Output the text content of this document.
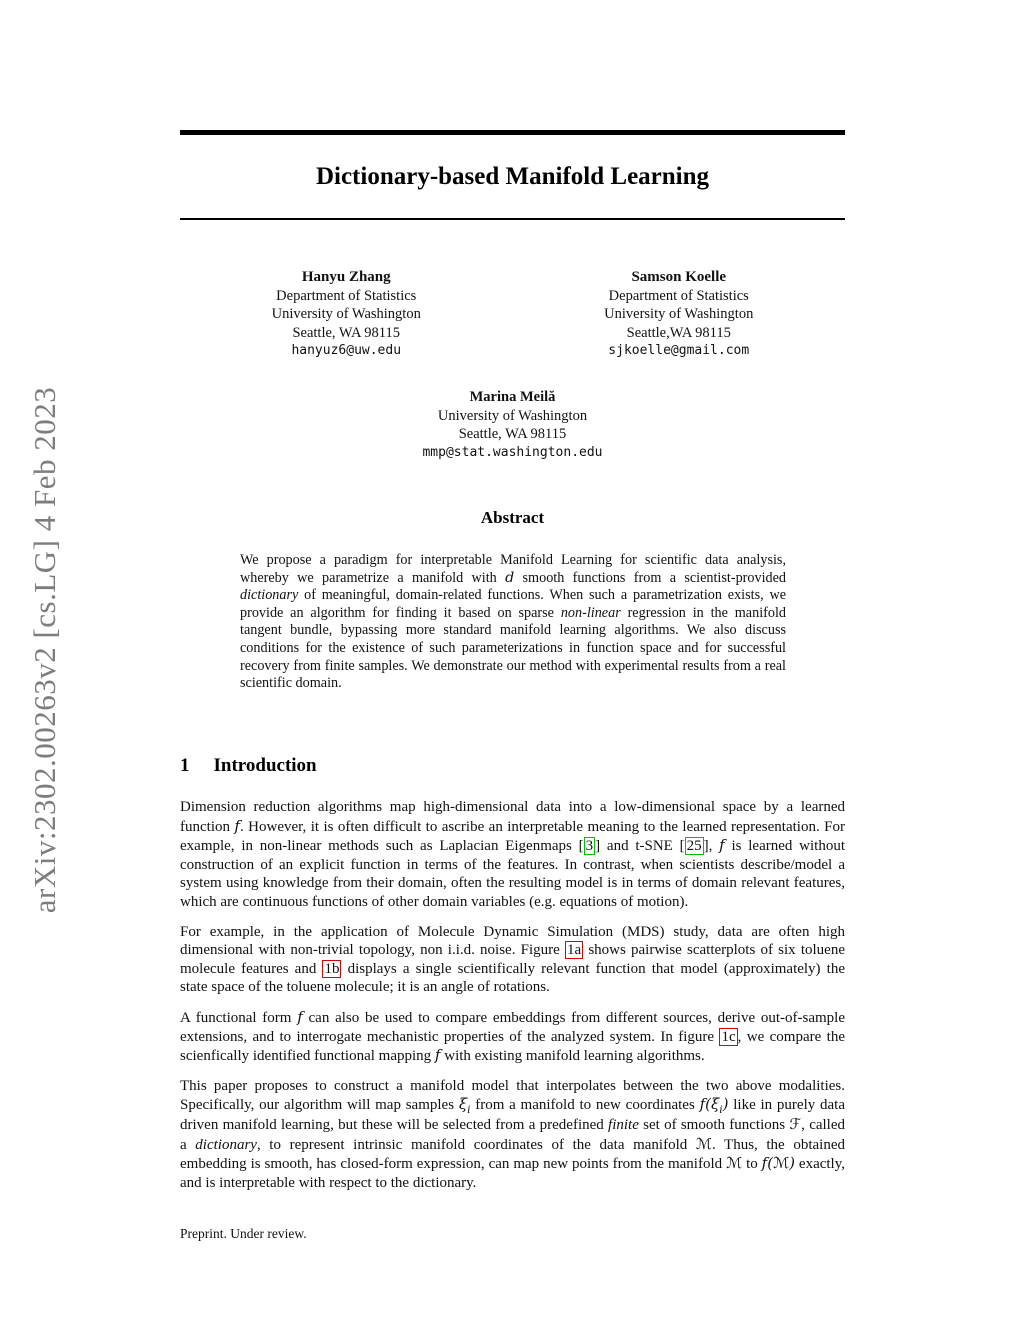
arXiv:2302.00263v2 [cs.LG] 4 Feb 2023
Dictionary-based Manifold Learning
Hanyu Zhang
Department of Statistics
University of Washington
Seattle, WA 98115
hanyuz6@uw.edu
Samson Koelle
Department of Statistics
University of Washington
Seattle,WA 98115
sjkoelle@gmail.com
Marina Meilă
University of Washington
Seattle, WA 98115
mmp@stat.washington.edu
Abstract
We propose a paradigm for interpretable Manifold Learning for scientific data analysis, whereby we parametrize a manifold with d smooth functions from a scientist-provided dictionary of meaningful, domain-related functions. When such a parametrization exists, we provide an algorithm for finding it based on sparse non-linear regression in the manifold tangent bundle, bypassing more standard manifold learning algorithms. We also discuss conditions for the existence of such parameterizations in function space and for successful recovery from finite samples. We demonstrate our method with experimental results from a real scientific domain.
1 Introduction

Dimension reduction algorithms map high-dimensional data into a low-dimensional space by a learned function f. However, it is often difficult to ascribe an interpretable meaning to the learned representation. For example, in non-linear methods such as Laplacian Eigenmaps [ 3 ] and t-SNE [ 25 ], f is learned without construction of an explicit function in terms of the features. In contrast, when scientists describe/model a system using knowledge from their domain, often the resulting model is in terms of domain relevant features, which are continuous functions of other domain variables (e.g. equations of motion).

For example, in the application of Molecule Dynamic Simulation (MDS) study, data are often high dimensional with non-trivial topology, non i.i.d. noise. Figure 1a shows pairwise scatterplots of six toluene molecule features and 1b displays a single scientifically relevant function that model (approximately) the state space of the toluene molecule; it is an angle of rotations.

A functional form f can also be used to compare embeddings from different sources, derive out-of-sample extensions, and to interrogate mechanistic properties of the analyzed system. In figure 1c , we compare the scienfically identified functional mapping f with existing manifold learning algorithms.

This paper proposes to construct a manifold model that interpolates between the two above modalities. Specifically, our algorithm will map samples $\xi_i$ from a manifold to new coordinates $f(\xi_i)$ like in purely data driven manifold learning, but these will be selected from a predefined finite set of smooth functions ℱ, called a dictionary, to represent intrinsic manifold coordinates of the data manifold ℳ. Thus, the obtained embedding is smooth, has closed-form expression, can map new points from the manifold ℳ to f(ℳ) exactly, and is interpretable with respect to the dictionary.

Preprint. Under review.
